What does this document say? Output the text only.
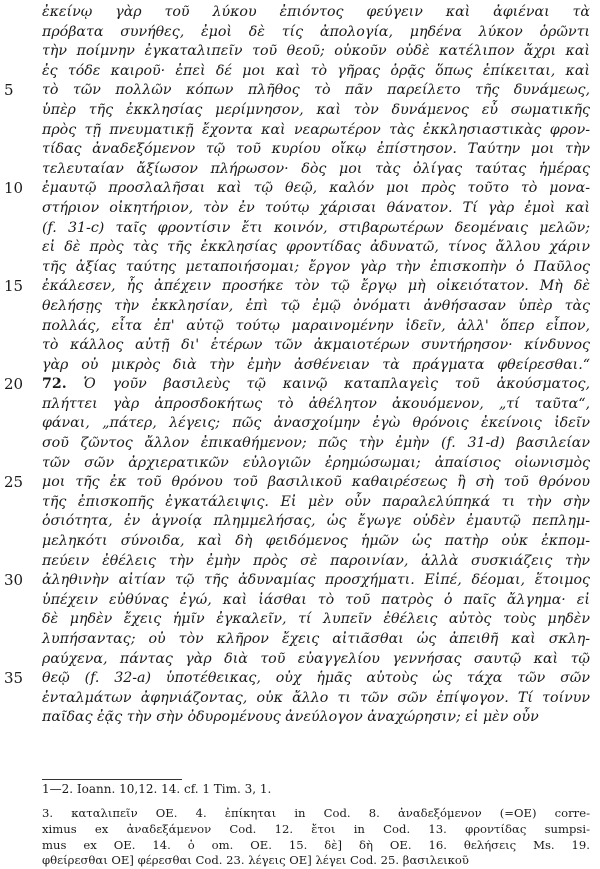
ἐκείνῳ γὰρ τοῦ λύκου ἐπιόντος φεύγειν καὶ ἀφιέναι τὰ
πρόβατα συνήθες, ἐμοὶ δὲ τίς ἀπολογία, μηδένα λύκον ὁρῶντι
τὴν ποίμνην ἐγκαταλιπεῖν τοῦ θεοῦ; οὐκοῦν οὐδὲ κατέλιπον ἄχρι καὶ
ἐς τόδε καιροῦ· ἐπεὶ δέ μοι καὶ τὸ γῆρας ὁρᾷς ὅπως ἐπίκειται, καὶ
5	τὸ τῶν πολλῶν κόπων πλῆθος τὸ πᾶν παρείλετο τῆς δυνάμεως,
ὑπὲρ τῆς ἐκκλησίας μερίμνησον, καὶ τὸν δυνάμενος εὖ σωματικῆς
πρὸς τῇ πνευματικῇ ἔχοντα καὶ νεαρωτέρον τὰς ἐκκλησιαστικὰς φρον-
τίδας ἀναδεξόμενον τῷ τοῦ κυρίου οἴκῳ ἐπίστησον. Ταύτην μοι τὴν
τελευταίαν ἄξίωσον πλήρωσον· δὸς μοι τὰς ὀλίγας ταύτας ἡμέρας
10	ἐμαυτῷ προσλαλῆσαι καὶ τῷ θεῷ, καλόν μοι πρὸς τοῦτο τὸ μονα-
στήριον οἰκητήριον, τὸν ἐν τούτῳ χάρισαι θάνατον. Τί γὰρ ἐμοὶ καὶ
(f. 31-c) ταῖς φροντίσιν ἔτι κοινόν, στιβαρωτέρων δεομέναις μελῶν;
εἰ δὲ πρὸς τὰς τῆς ἐκκλησίας φροντίδας ἀδυνατῶ, τίνος ἄλλου χάριν
τῆς ἀξίας ταύτης μεταποιήσομαι; ἔργον γὰρ τὴν ἐπισκοπὴν ὁ Παῦλος
15	ἐκάλεσεν, ἧς ἀπέχειν προσήκε τὸν τῷ ἔργῳ μὴ οἰκειότατον. Μὴ δὲ
θελήσῃς τὴν ἐκκλησίαν, ἐπὶ τῷ ἐμῷ ὀνόματι ἀνθήσασαν ὑπὲρ τὰς
πολλάς, εἶτα ἐπ' αὐτῷ τούτῳ μαραινομένην ἰδεῖν, ἀλλ' ὅπερ εἶπον,
τὸ κάλλος αὐτῇ δι' ἑτέρων τῶν ἀκμαιοτέρων συντήρησον· κίνδυνος
γὰρ οὐ μικρὸς διὰ τὴν ἐμὴν ἀσθένειαν τὰ πράγματα φθείρεσθαι.“
20	72. Ὁ γοῦν βασιλεὺς τῷ καινῷ καταπλαγεὶς τοῦ ἀκούσματος,
πλήττει γὰρ ἀπροσδοκήτως τὸ ἀθέλητον ἀκουόμενον, „τί ταῦτα“,
φάναι, „πάτερ, λέγεις; πῶς ἀνασχοίμην ἐγὼ θρόνοις ἐκείνοις ἰδεῖν
σοῦ ζῶντος ἄλλον ἐπικαθήμενον; πῶς τὴν ἐμὴν (f. 31-d) βασιλείαν
τῶν σῶν ἀρχιερατικῶν εὐλογιῶν ἐρημώσωμαι; ἀπαίσιος οἰωνισμὸς
25	μοι τῆς ἐκ τοῦ θρόνου τοῦ βασιλικοῦ καθαιρέσεως ἢ σὴ τοῦ θρόνου
τῆς ἐπισκοπῆς ἐγκατάλειψις. Εἰ μὲν οὖν παραλελύπηκά τι τὴν σὴν
ὁσιότητα, ἐν ἀγνοίᾳ πλημμελήσας, ὡς ἔγωγε οὐδὲν ἐμαυτῷ πεπλημ-
μεληκότι σύνοιδα, καὶ δὴ φειδόμενος ἡμῶν ὡς πατὴρ οὐκ ἐκπομ-
πεύειν ἐθέλεις τὴν ἐμὴν πρὸς σὲ παροινίαν, ἀλλὰ συσκιάζεις τὴν
30	ἀληθινὴν αἰτίαν τῷ τῆς ἀδυναμίας προσχήματι. Εἰπέ, δέομαι, ἕτοιμος
ὑπέχειν εὐθύνας ἐγώ, καὶ ἰάσθαι τὸ τοῦ πατρὸς ὁ παῖς ἄλγημα· εἰ
δὲ μηδὲν ἔχεις ἡμῖν ἐγκαλεῖν, τί λυπεῖν ἐθέλεις αὐτὸς τοὺς μηδὲν
λυπήσαντας; οὐ τὸν κλῆρον ἔχεις αἰτιᾶσθαι ὡς ἀπειθῆ καὶ σκλη-
ραύχενα, πάντας γὰρ διὰ τοῦ εὐαγγελίου γεννήσας σαυτῷ καὶ τῷ
35	θεῷ (f. 32-a) ὑποτέθεικας, οὐχ ἡμᾶς αὐτοὺς ὡς τάχα τῶν σῶν
ἐνταλμάτων ἀφηνιάζοντας, οὐκ ἄλλο τι τῶν σῶν ἐπίψογον. Τί τοίνυν
παῖδας ἐᾷς τὴν σὴν ὀδυρομένους ἀνεύλογον ἀναχώρησιν; εἰ μὲν οὖν
1—2. Ioann. 10,12. 14. cf. 1 Tim. 3, 1.
3. καταλιπεῖν OE. 4. ἐπίκηται in Cod. 8. ἀναδεξόμενον (=OE) corre-
ximus ex ἀναδεξάμενον Cod. 12. ἔτοι in Cod. 13. φροντίδας sumpsi-
mus ex OE. 14. ὁ om. OE. 15. δὲ] δὴ OE. 16. θελήσεις Ms. 19.
φθείρεσθαι OE] φέρεσθαι Cod. 23. λέγεις OE] λέγει Cod. 25. βασιλεικοῦ
